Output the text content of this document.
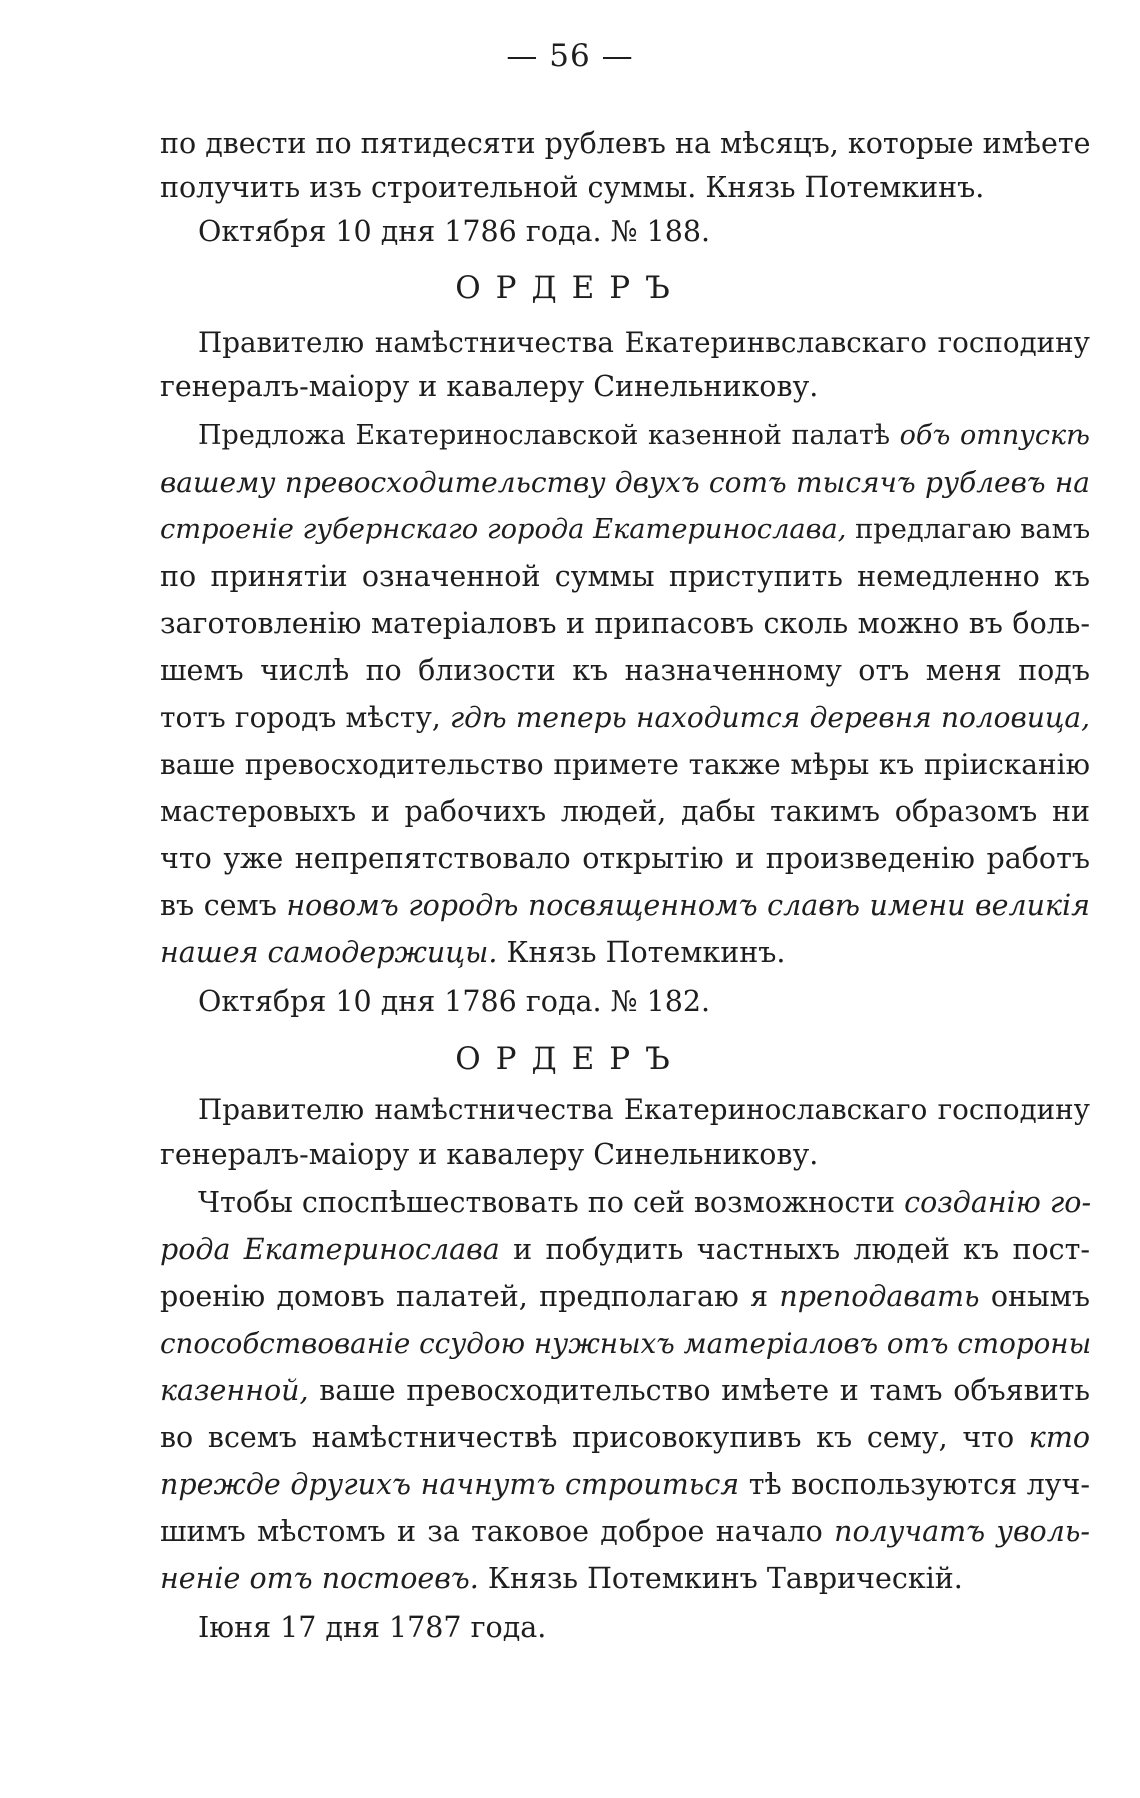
— 56 —
по двести по пятидесяти рублевъ на мѣсяцъ, которые имѣете
получить изъ строительной суммы. Князь Потемкинъ.
Октября 10 дня 1786 года. № 188.
ОРДЕРЪ
Правителю намѣстничества Екатеринвславскаго господину
генералъ-маіору и кавалеру Синельникову.
Предложа Екатеринославской казенной палатѣ объ отпускѣ
вашему превосходительству двухъ сотъ тысячъ рублевъ на
строеніе губернскаго города Екатеринослава, предлагаю вамъ
по принятіи означенной суммы приступить немедленно къ
заготовленію матеріаловъ и припасовъ сколь можно въ боль-
шемъ числѣ по близости къ назначенному отъ меня подъ
тотъ городъ мѣсту, гдѣ теперь находится деревня половица,
ваше превосходительство примете также мѣры къ пріисканію
мастеровыхъ и рабочихъ людей, дабы такимъ образомъ ни
что уже непрепятствовало открытію и произведенію работъ
въ семъ новомъ городѣ посвященномъ славѣ имени великія
нашея самодержицы. Князь Потемкинъ.
Октября 10 дня 1786 года. № 182.
ОРДЕРЪ
Правителю намѣстничества Екатеринославскаго господину
генералъ-маіору и кавалеру Синельникову.
Чтобы споспѣшествовать по сей возможности созданію го-
рода Екатеринослава и побудить частныхъ людей къ пост-
роенію домовъ палатей, предполагаю я преподавать онымъ
способствованіе ссудою нужныхъ матеріаловъ отъ стороны
казенной, ваше превосходительство имѣете и тамъ объявить
во всемъ намѣстничествѣ присовокупивъ къ сему, что кто
прежде другихъ начнутъ строиться тѣ воспользуются луч-
шимъ мѣстомъ и за таковое доброе начало получатъ уволь-
неніе отъ постоевъ. Князь Потемкинъ Таврическій.
Іюня 17 дня 1787 года.
